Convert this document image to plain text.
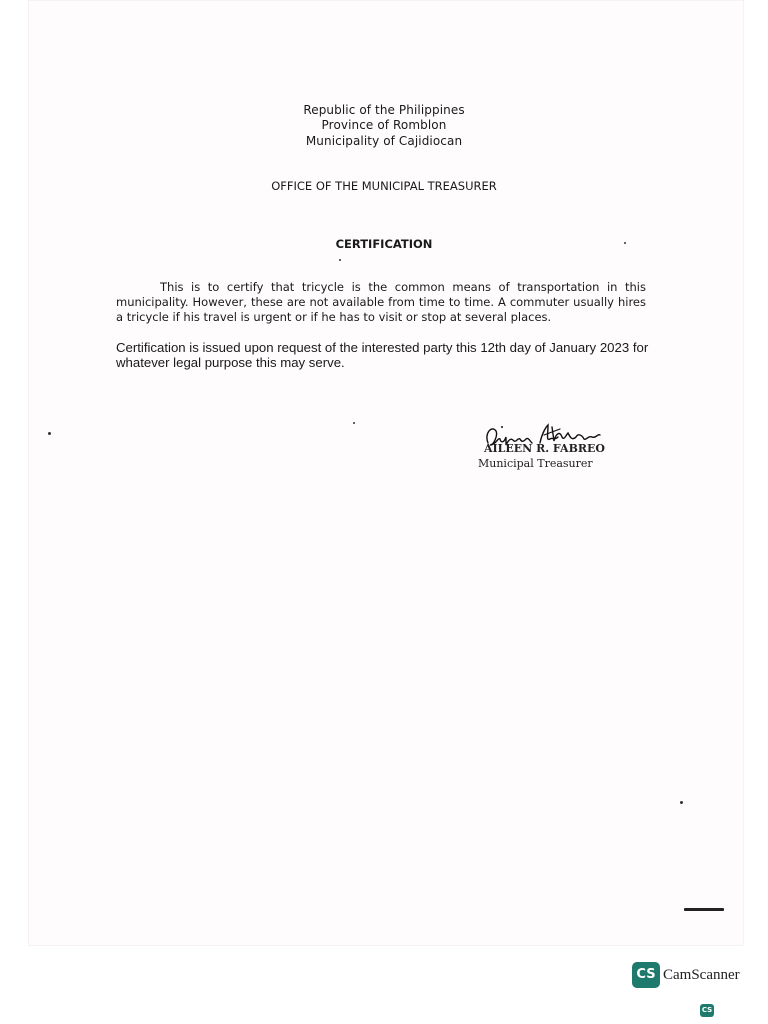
Republic of the Philippines
Province of Romblon
Municipality of Cajidiocan
OFFICE OF THE MUNICIPAL TREASURER
CERTIFICATION
This is to certify that tricycle is the common means of transportation in this municipality. However, these are not available from time to time. A commuter usually hires a tricycle if his travel is urgent or if he has to visit or stop at several places.
Certification is issued upon request of the interested party this 12th day of January 2023 for whatever legal purpose this may serve.
AILEEN R. FABREO
Municipal Treasurer
CS CamScanner
CS
